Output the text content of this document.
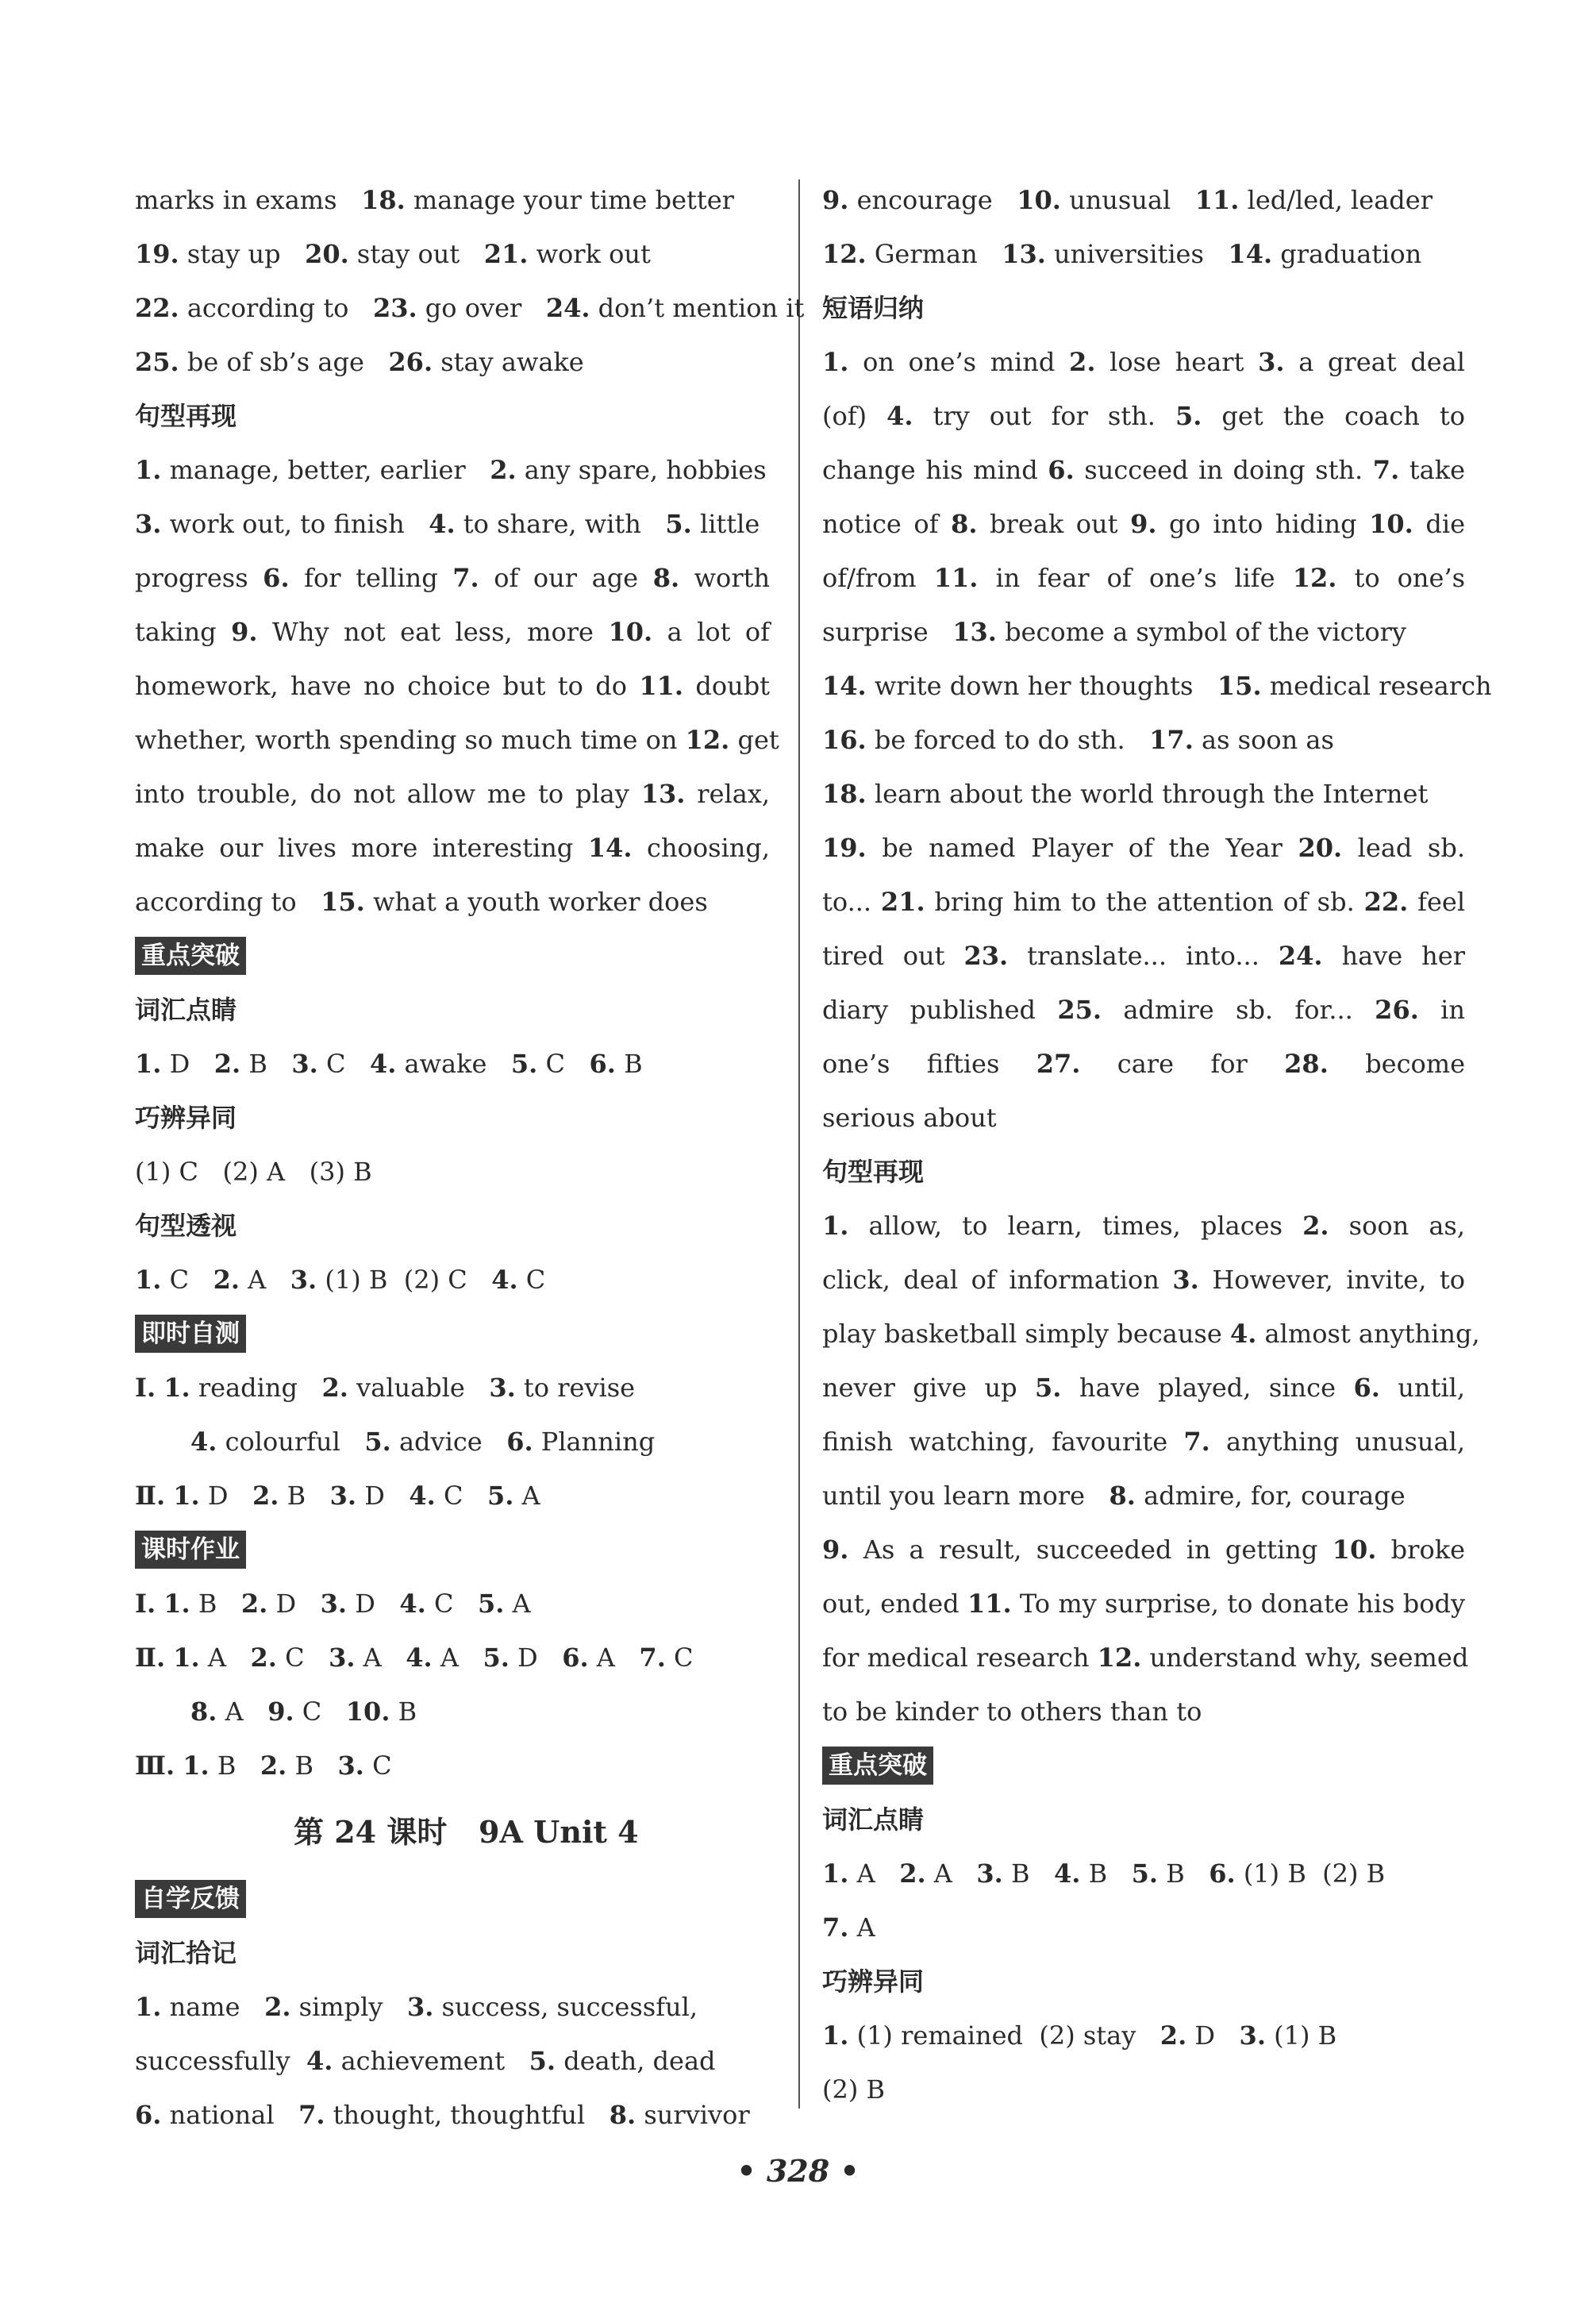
marks in exams 18. manage your time better
19. stay up 20. stay out 21. work out
22. according to 23. go over 24. don’t mention it
25. be of sb’s age 26. stay awake
句型再现
1. manage, better, earlier 2. any spare, hobbies
3. work out, to finish 4. to share, with 5. little
progress 6. for telling 7. of our age 8. worth
taking 9. Why not eat less, more 10. a lot of
homework, have no choice but to do 11. doubt
whether, worth spending so much time on 12. get
into trouble, do not allow me to play 13. relax,
make our lives more interesting 14. choosing,
according to 15. what a youth worker does
重点突破
词汇点睛
1. D 2. B 3. C 4. awake 5. C 6. B
巧辨异同
(1) C   (2) A   (3) B
句型透视
1. C 2. A 3. (1) B  (2) C 4. C
即时自测
Ⅰ. 1. reading 2. valuable 3. to revise
4. colourful 5. advice 6. Planning
Ⅱ. 1. D 2. B 3. D 4. C 5. A
课时作业
Ⅰ. 1. B 2. D 3. D 4. C 5. A
Ⅱ. 1. A 2. C 3. A 4. A 5. D 6. A 7. C
8. A 9. C 10. B
Ⅲ. 1. B 2. B 3. C
第 24 课时   9A Unit 4
自学反馈
词汇拾记
1. name 2. simply 3. success, successful,
successfully 4. achievement 5. death, dead
6. national 7. thought, thoughtful 8. survivor
9. encourage 10. unusual 11. led/led, leader
12. German 13. universities 14. graduation
短语归纳
1. on one’s mind 2. lose heart 3. a great deal
(of) 4. try out for sth. 5. get the coach to
change his mind 6. succeed in doing sth. 7. take
notice of 8. break out 9. go into hiding 10. die
of/from 11. in fear of one’s life 12. to one’s
surprise 13. become a symbol of the victory
14. write down her thoughts 15. medical research
16. be forced to do sth. 17. as soon as
18. learn about the world through the Internet
19. be named Player of the Year 20. lead sb.
to... 21. bring him to the attention of sb. 22. feel
tired out 23. translate... into... 24. have her
diary published 25. admire sb. for... 26. in
one’s fifties 27. care for 28. become
serious about
句型再现
1. allow, to learn, times, places 2. soon as,
click, deal of information 3. However, invite, to
play basketball simply because 4. almost anything,
never give up 5. have played, since 6. until,
finish watching, favourite 7. anything unusual,
until you learn more 8. admire, for, courage
9. As a result, succeeded in getting 10. broke
out, ended 11. To my surprise, to donate his body
for medical research 12. understand why, seemed
to be kinder to others than to
重点突破
词汇点睛
1. A 2. A 3. B 4. B 5. B 6. (1) B  (2) B
7. A
巧辨异同
1. (1) remained  (2) stay 2. D 3. (1) B
(2) B
• 328 •
